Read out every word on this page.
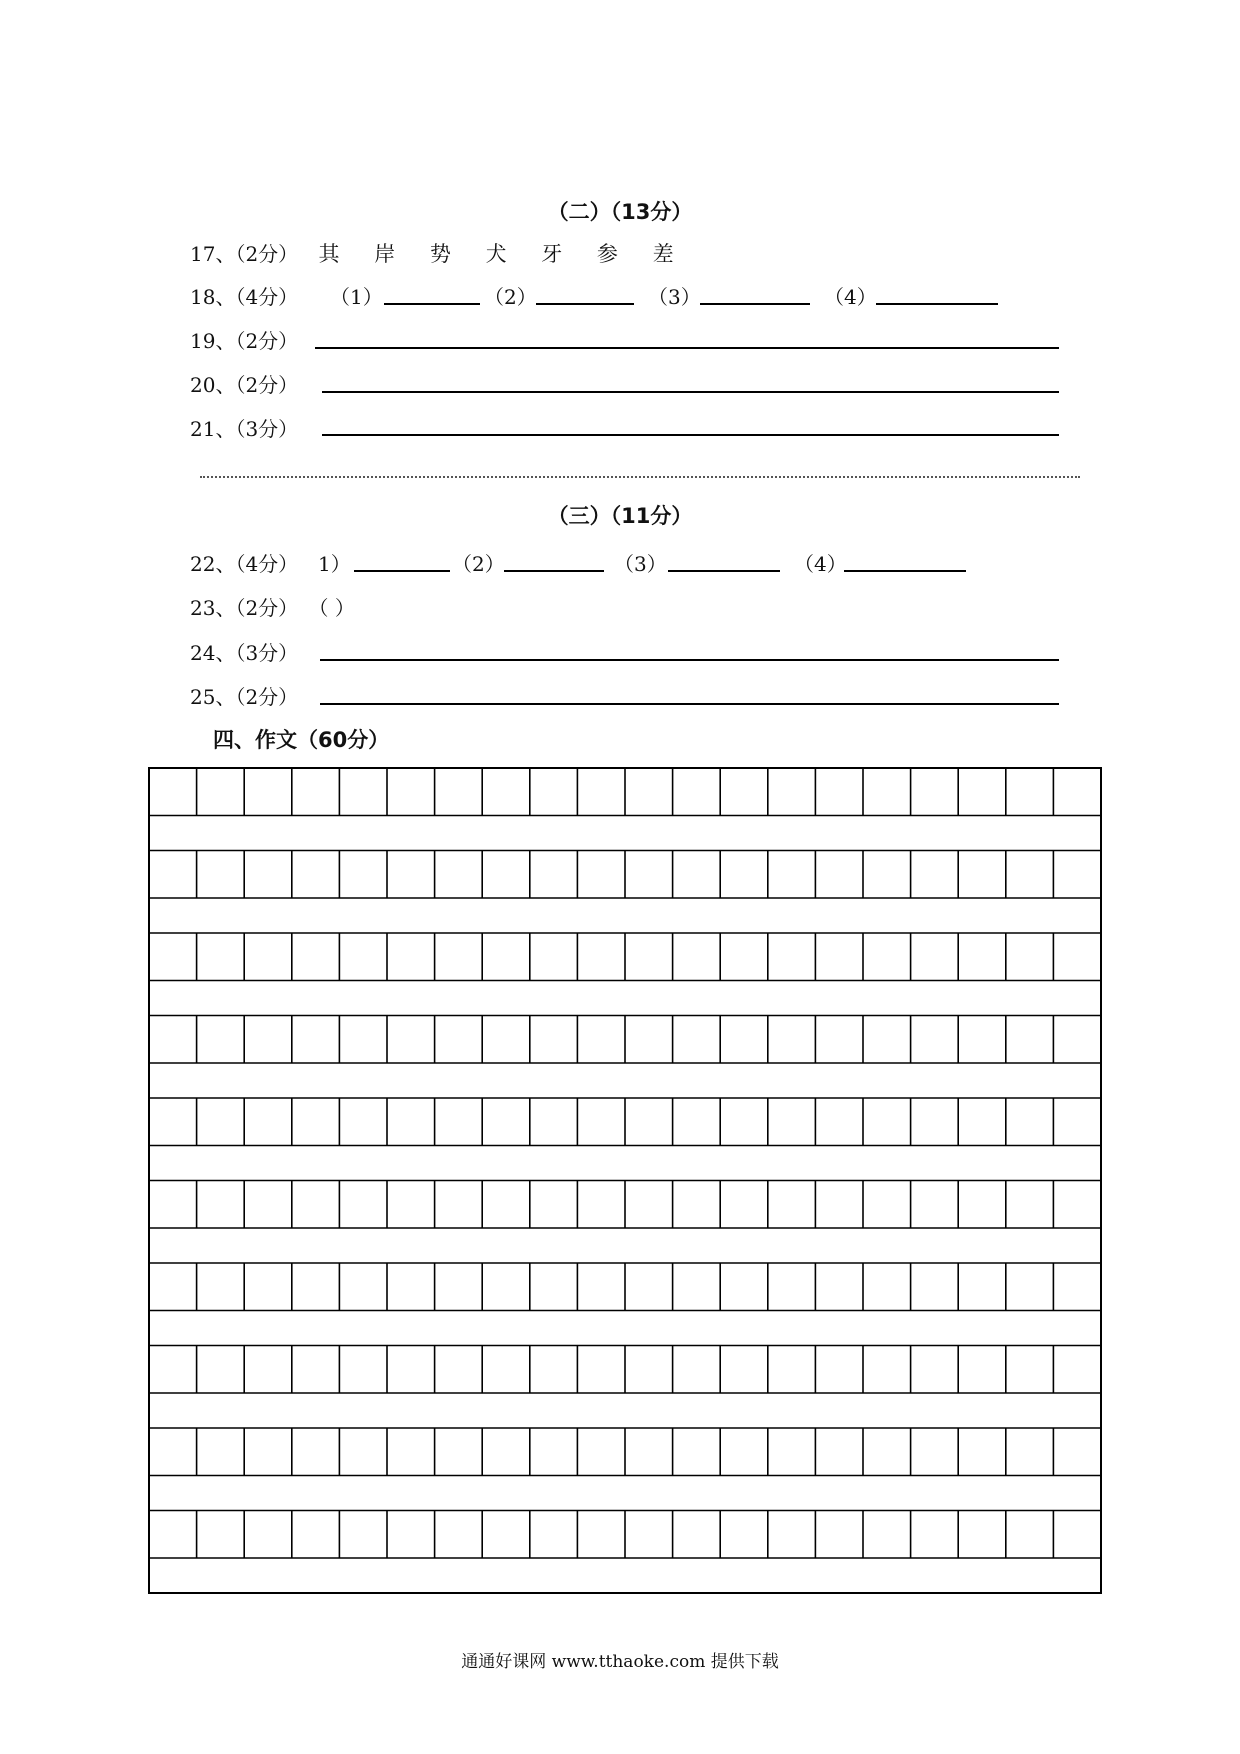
（二）（13分）
17、（2分） 其 岸 势 犬 牙 参 差
18、（4分） （1）	（2）	（3）	（4）
19、（2分）
20、（2分）
21、（3分）
（三）（11分）
22、（4分） 1）	（2）	（3）	（4）
23、（2分） （ ）
24、（3分）
25、（2分）
四、作文（60分）
通通好课网 www.tthaoke.com 提供下载
